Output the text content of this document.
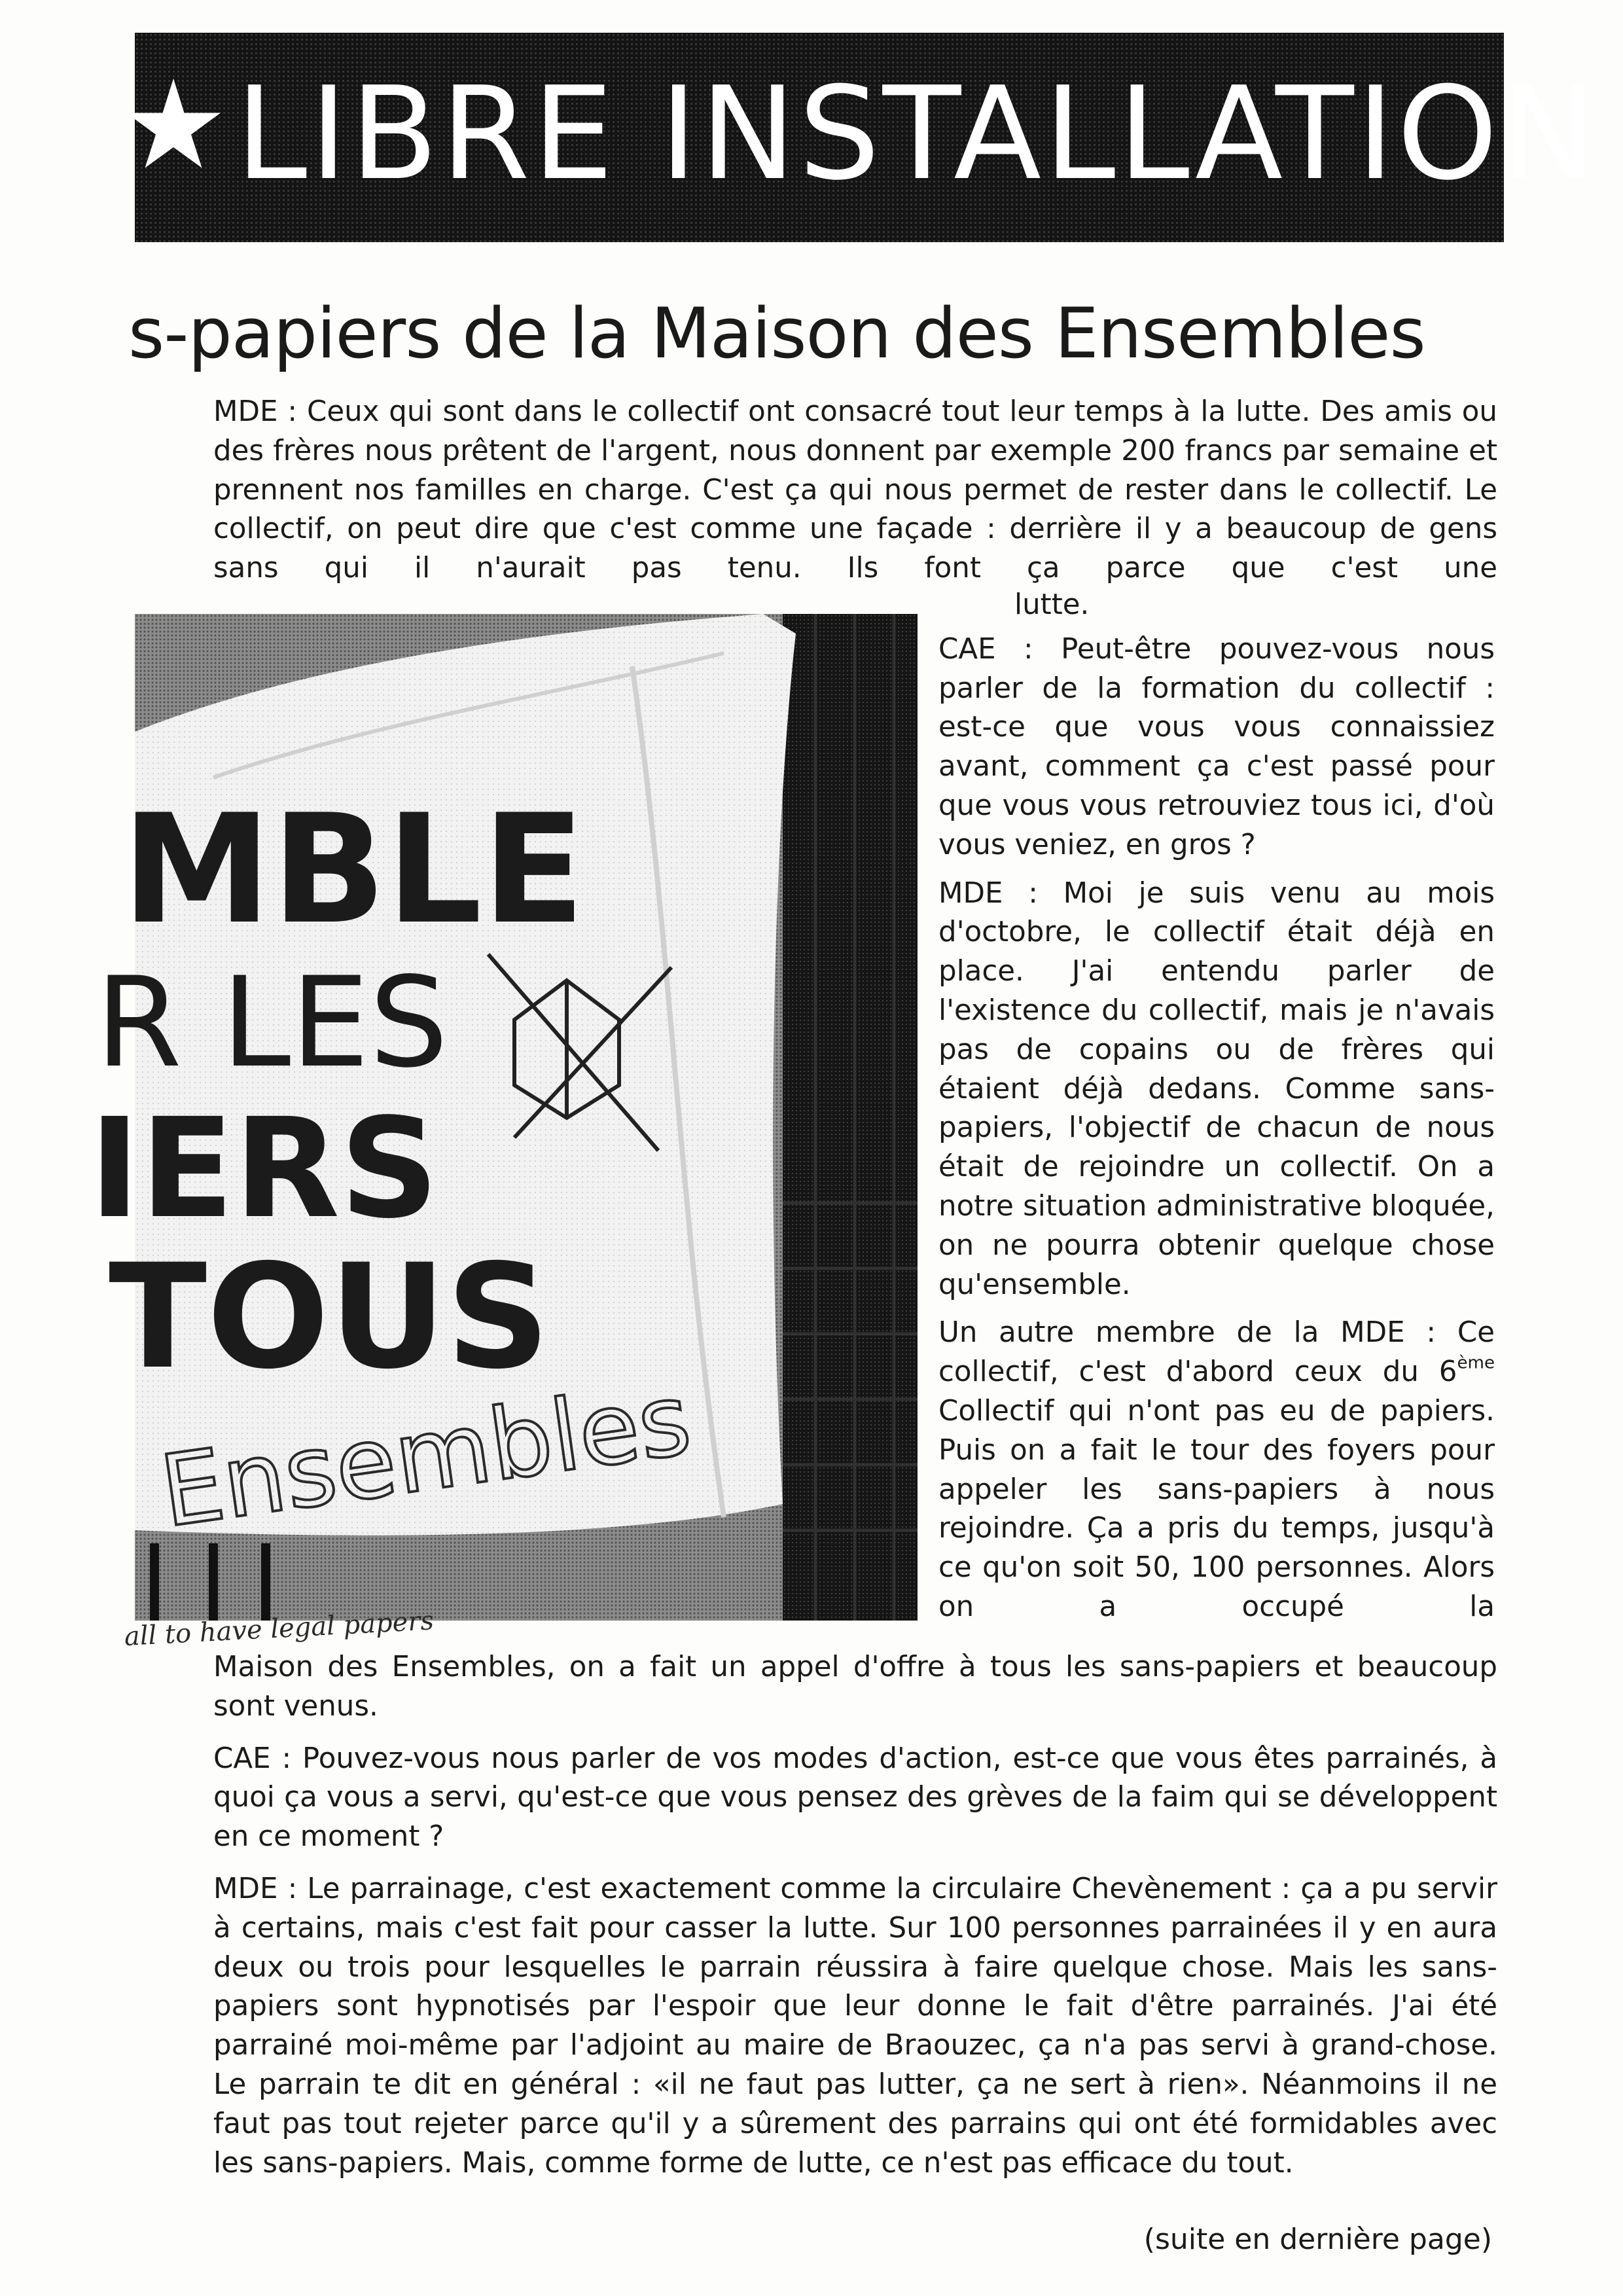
LIBRE INSTALLATION
s-papiers de la Maison des Ensembles

MDE : Ceux qui sont dans le collectif ont consacré tout leur temps à la lutte. Des amis ou des frères nous prêtent de l'argent, nous donnent par exemple 200 francs par semaine et prennent nos familles en charge. C'est ça qui nous permet de rester dans le collectif. Le collectif, on peut dire que c'est comme une façade : derrière il y a beaucoup de gens sans qui il n'aurait pas tenu. Ils font ça parce que c'est une

MBLE
R LES
IERS
TOUS
Ensembles

lutte.

CAE : Peut-être pouvez-vous nous parler de la formation du collectif : est-ce que vous vous connaissiez avant, comment ça c'est passé pour que vous vous retrouviez tous ici, d'où vous veniez, en gros ?

MDE : Moi je suis venu au mois d'octobre, le collectif était déjà en place. J'ai entendu parler de l'existence du collectif, mais je n'avais pas de copains ou de frères qui étaient déjà dedans. Comme sans-papiers, l'objectif de chacun de nous était de rejoindre un collectif. On a notre situation administrative bloquée, on ne pourra obtenir quelque chose qu'ensemble.

Un autre membre de la MDE : Ce collectif, c'est d'abord ceux du 6ème Collectif qui n'ont pas eu de papiers. Puis on a fait le tour des foyers pour appeler les sans-papiers à nous rejoindre. Ça a pris du temps, jusqu'à ce qu'on soit 50, 100 personnes. Alors on a occupé la

all to have legal papers

Maison des Ensembles, on a fait un appel d'offre à tous les sans-papiers et beaucoup sont venus.

CAE : Pouvez-vous nous parler de vos modes d'action, est-ce que vous êtes parrainés, à quoi ça vous a servi, qu'est-ce que vous pensez des grèves de la faim qui se développent en ce moment ?

MDE : Le parrainage, c'est exactement comme la circulaire Chevènement : ça a pu servir à certains, mais c'est fait pour casser la lutte. Sur 100 personnes parrainées il y en aura deux ou trois pour lesquelles le parrain réussira à faire quelque chose. Mais les sans-papiers sont hypnotisés par l'espoir que leur donne le fait d'être parrainés. J'ai été parrainé moi-même par l'adjoint au maire de Braouzec, ça n'a pas servi à grand-chose. Le parrain te dit en général : «il ne faut pas lutter, ça ne sert à rien». Néanmoins il ne faut pas tout rejeter parce qu'il y a sûrement des parrains qui ont été formidables avec les sans-papiers. Mais, comme forme de lutte, ce n'est pas efficace du tout.

(suite en dernière page)
